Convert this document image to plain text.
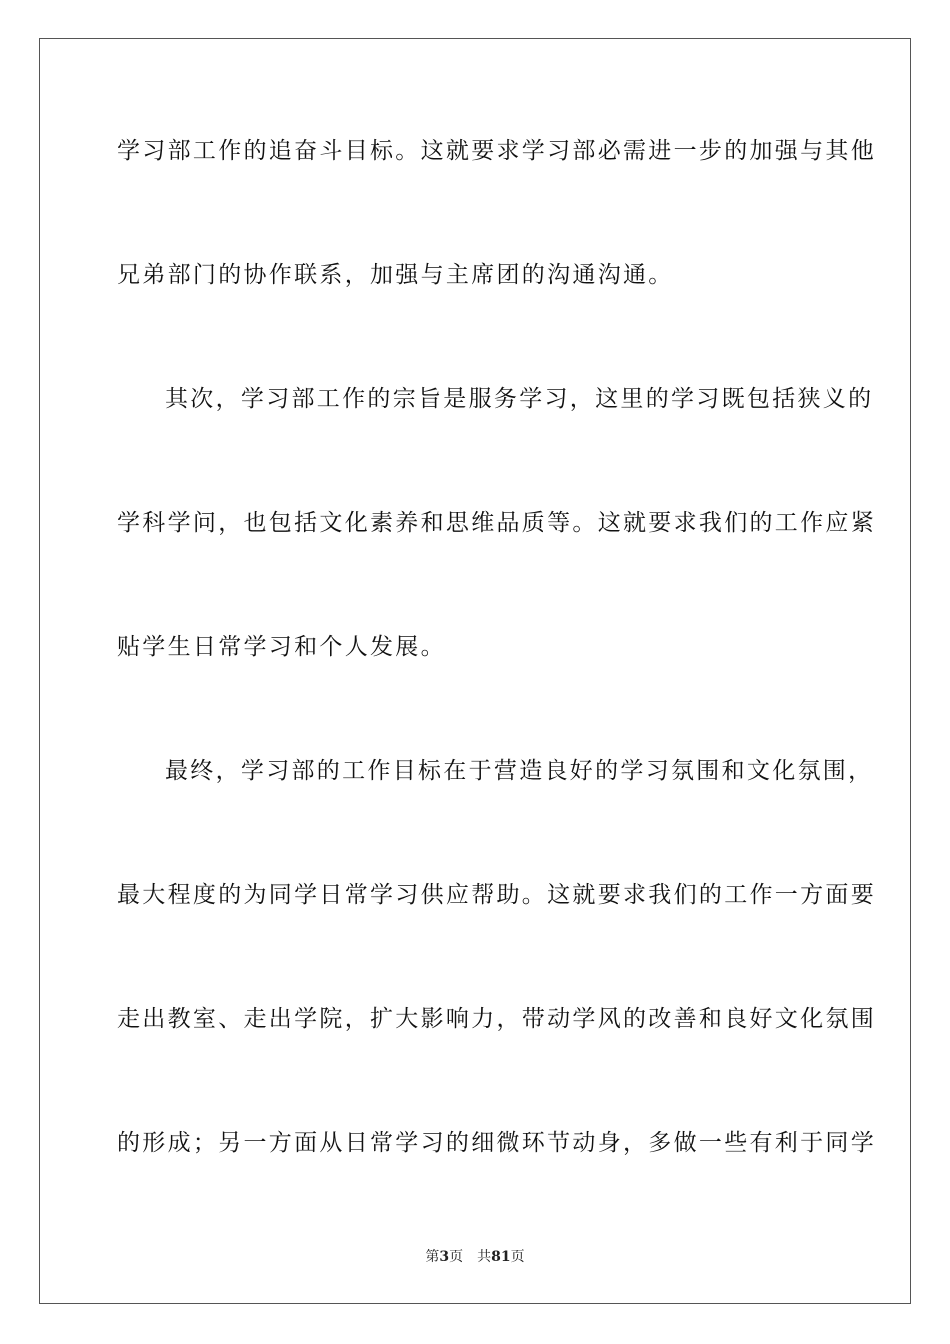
学习部工作的追奋斗目标。这就要求学习部必需进一步的加强与其他
兄弟部门的协作联系，加强与主席团的沟通沟通。
其次，学习部工作的宗旨是服务学习，这里的学习既包括狭义的
学科学问，也包括文化素养和思维品质等。这就要求我们的工作应紧
贴学生日常学习和个人发展。
最终，学习部的工作目标在于营造良好的学习氛围和文化氛围，
最大程度的为同学日常学习供应帮助。这就要求我们的工作一方面要
走出教室、走出学院，扩大影响力，带动学风的改善和良好文化氛围
的形成；另一方面从日常学习的细微环节动身，多做一些有利于同学
第3页 共81页
